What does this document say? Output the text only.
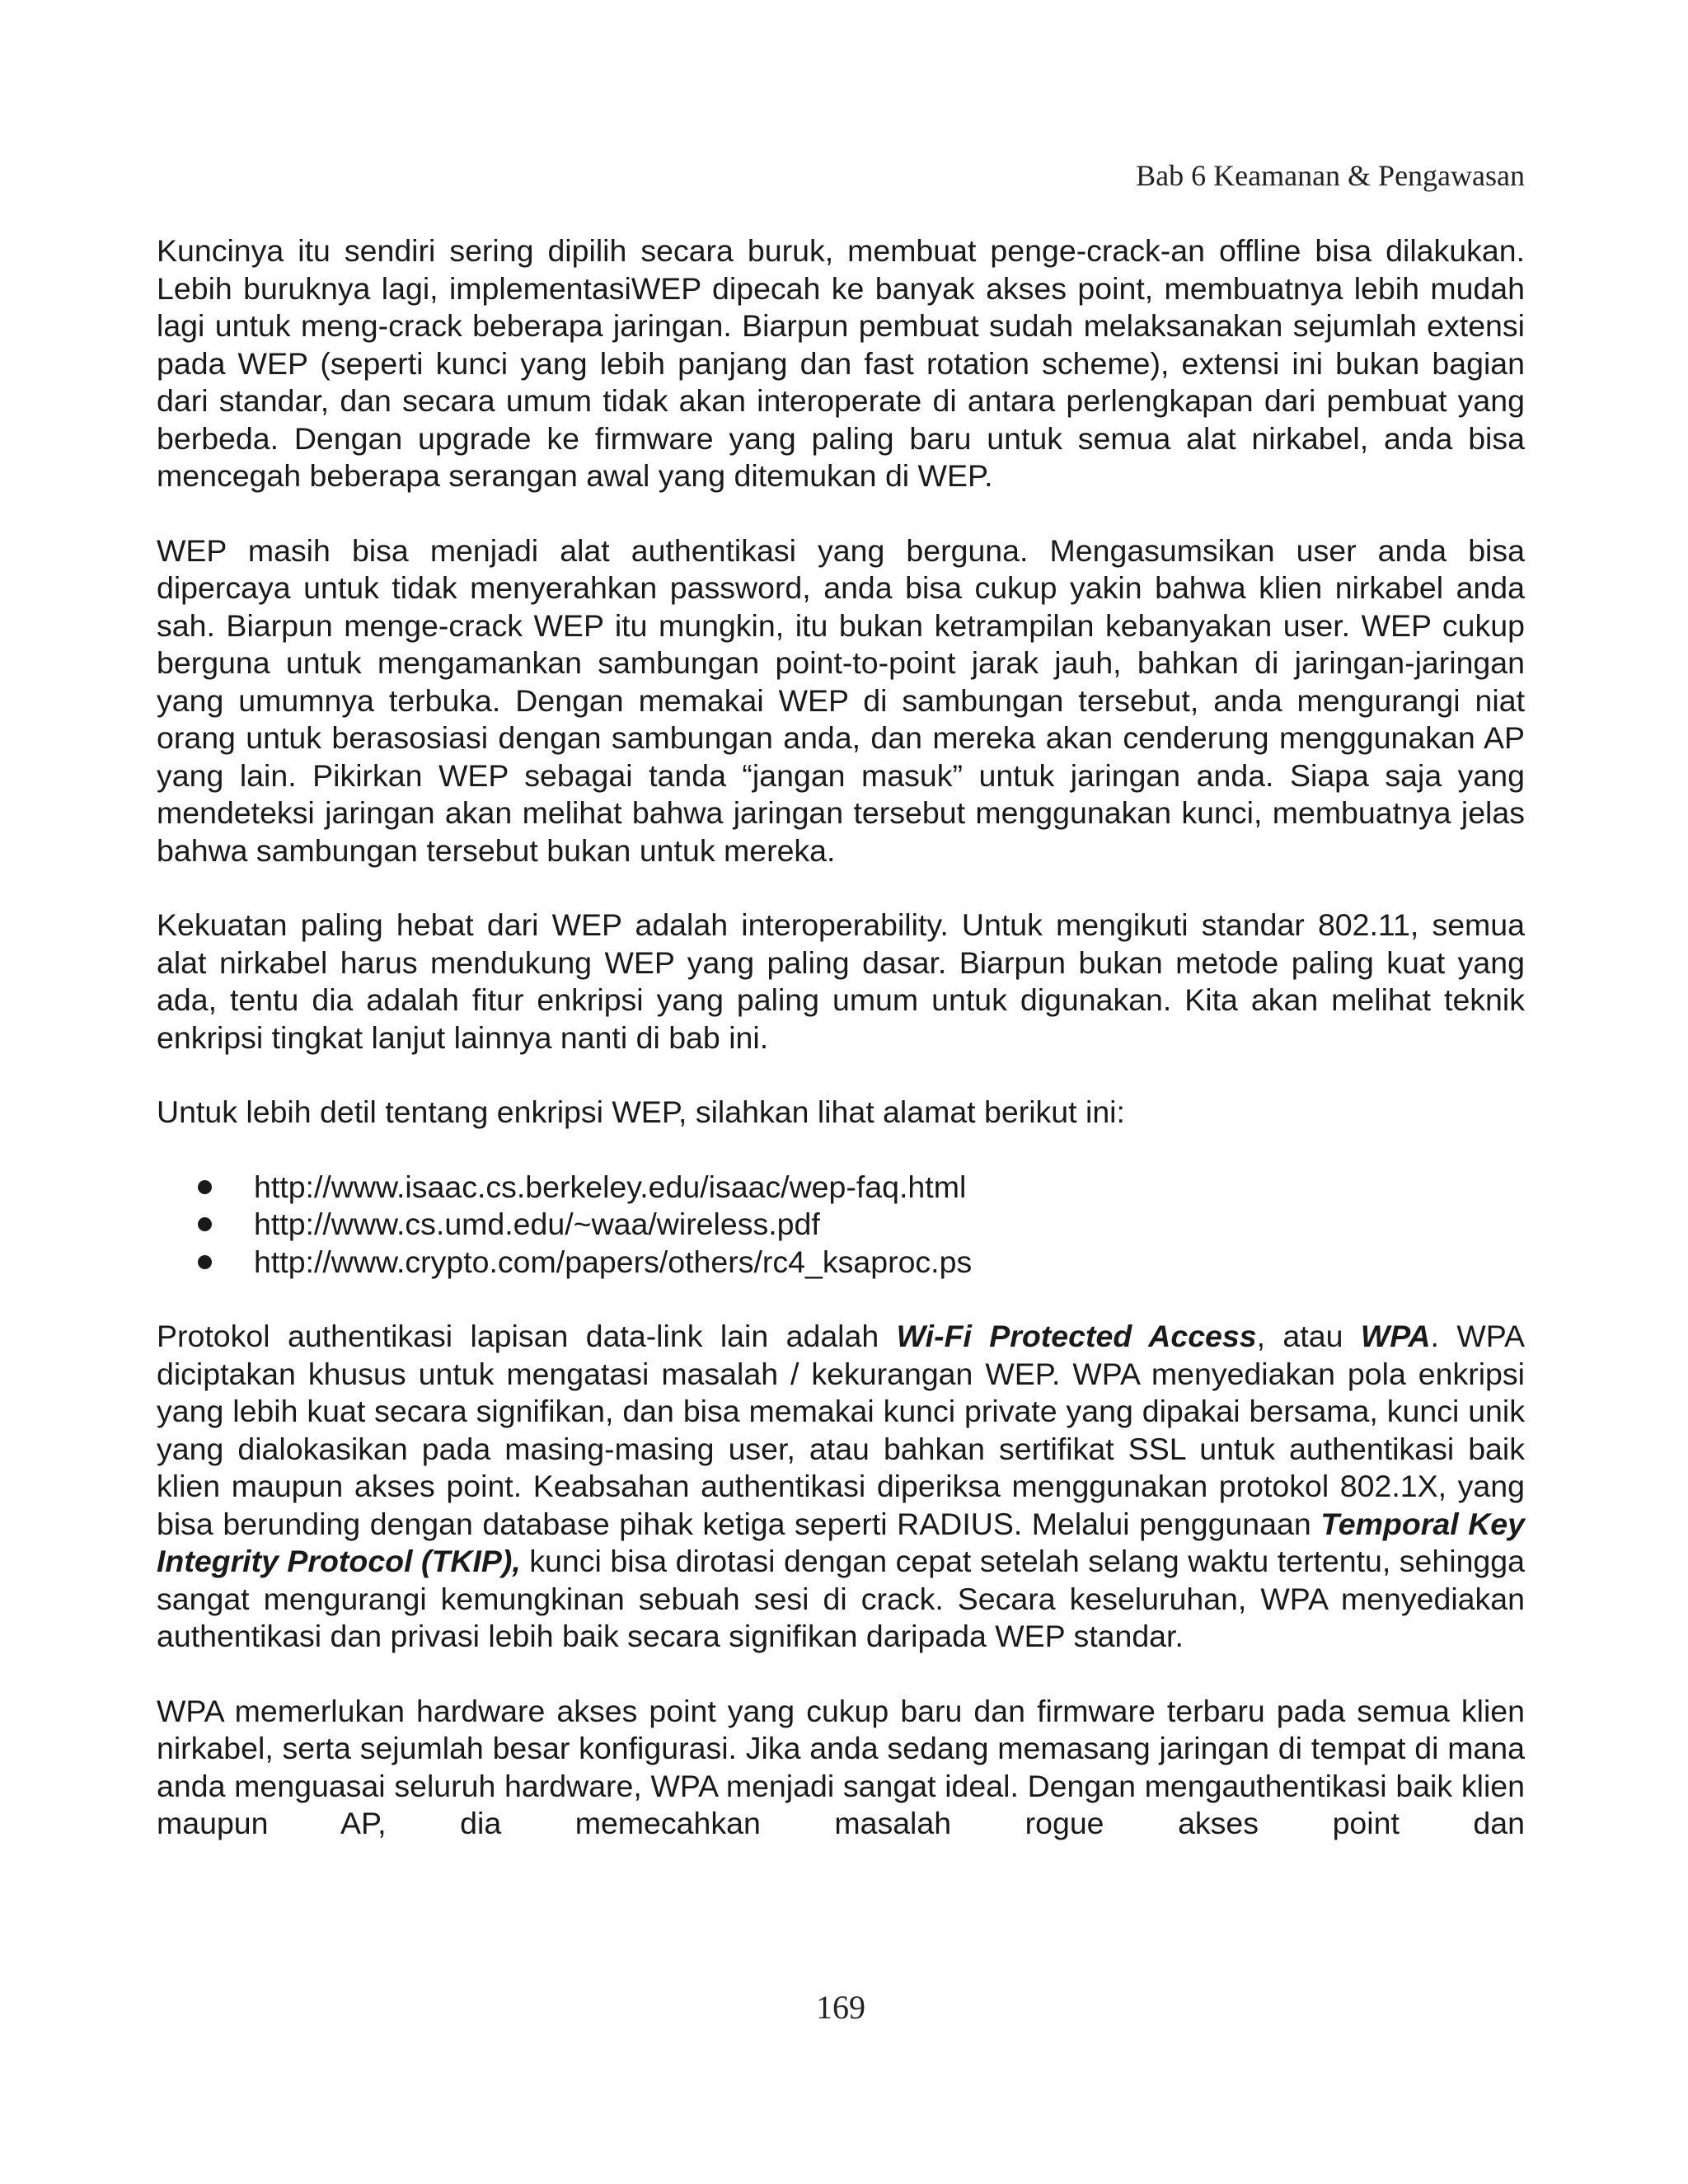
Bab 6 Keamanan & Pengawasan

Kuncinya itu sendiri sering dipilih secara buruk, membuat penge-crack-an offline bisa dilakukan. Lebih buruknya lagi, implementasiWEP dipecah ke banyak akses point, membuatnya lebih mudah lagi untuk meng-crack beberapa jaringan. Biarpun pembuat sudah melaksanakan sejumlah extensi pada WEP (seperti kunci yang lebih panjang dan fast rotation scheme), extensi ini bukan bagian dari standar, dan secara umum tidak akan interoperate di antara perlengkapan dari pembuat yang berbeda. Dengan upgrade ke firmware yang paling baru untuk semua alat nirkabel, anda bisa mencegah beberapa serangan awal yang ditemukan di WEP.

WEP masih bisa menjadi alat authentikasi yang berguna. Mengasumsikan user anda bisa dipercaya untuk tidak menyerahkan password, anda bisa cukup yakin bahwa klien nirkabel anda sah. Biarpun menge-crack WEP itu mungkin, itu bukan ketrampilan kebanyakan user. WEP cukup berguna untuk mengamankan sambungan point-to-point jarak jauh, bahkan di jaringan-jaringan yang umumnya terbuka. Dengan memakai WEP di sambungan tersebut, anda mengurangi niat orang untuk berasosiasi dengan sambungan anda, dan mereka akan cenderung menggunakan AP yang lain. Pikirkan WEP sebagai tanda “jangan masuk” untuk jaringan anda. Siapa saja yang mendeteksi jaringan akan melihat bahwa jaringan tersebut menggunakan kunci, membuatnya jelas bahwa sambungan tersebut bukan untuk mereka.

Kekuatan paling hebat dari WEP adalah interoperability. Untuk mengikuti standar 802.11, semua alat nirkabel harus mendukung WEP yang paling dasar. Biarpun bukan metode paling kuat yang ada, tentu dia adalah fitur enkripsi yang paling umum untuk digunakan. Kita akan melihat teknik enkripsi tingkat lanjut lainnya nanti di bab ini.

Untuk lebih detil tentang enkripsi WEP, silahkan lihat alamat berikut ini:

http://www.isaac.cs.berkeley.edu/isaac/wep-faq.html
http://www.cs.umd.edu/~waa/wireless.pdf
http://www.crypto.com/papers/others/rc4_ksaproc.ps

Protokol authentikasi lapisan data-link lain adalah Wi-Fi Protected Access, atau WPA. WPA diciptakan khusus untuk mengatasi masalah / kekurangan WEP. WPA menyediakan pola enkripsi yang lebih kuat secara signifikan, dan bisa memakai kunci private yang dipakai bersama, kunci unik yang dialokasikan pada masing-masing user, atau bahkan sertifikat SSL untuk authentikasi baik klien maupun akses point. Keabsahan authentikasi diperiksa menggunakan protokol 802.1X, yang bisa berunding dengan database pihak ketiga seperti RADIUS. Melalui penggunaan Temporal Key Integrity Protocol (TKIP), kunci bisa dirotasi dengan cepat setelah selang waktu tertentu, sehingga sangat mengurangi kemungkinan sebuah sesi di crack. Secara keseluruhan, WPA menyediakan authentikasi dan privasi lebih baik secara signifikan daripada WEP standar.

WPA memerlukan hardware akses point yang cukup baru dan firmware terbaru pada semua klien nirkabel, serta sejumlah besar konfigurasi. Jika anda sedang memasang jaringan di tempat di mana anda menguasai seluruh hardware, WPA menjadi sangat ideal. Dengan mengauthentikasi baik klien maupun AP, dia memecahkan masalah rogue akses point dan

169
